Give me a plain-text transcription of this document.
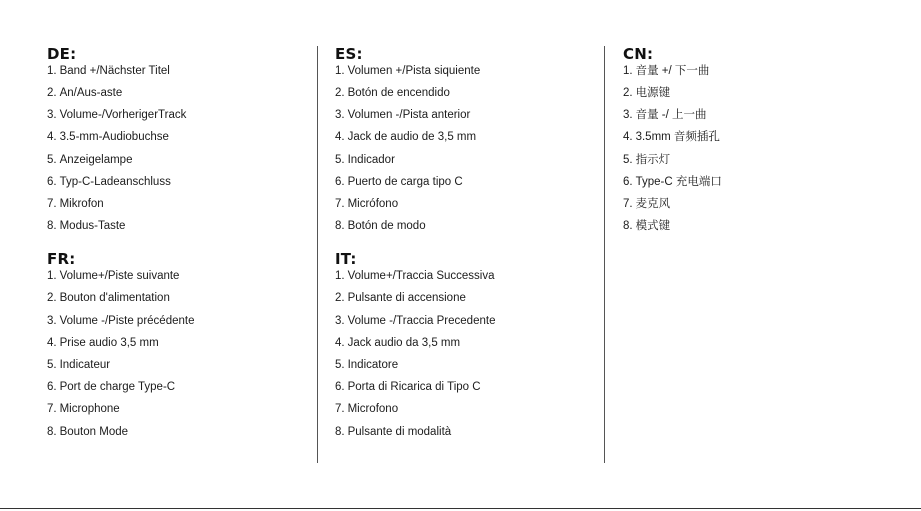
DE:
1. Band +/Nächster Titel
2. An/Aus-aste
3. Volume-/VorherigerTrack
4. 3.5-mm-Audiobuchse
5. Anzeigelampe
6. Typ-C-Ladeanschluss
7. Mikrofon
8. Modus-Taste
FR:
1. Volume+/Piste suivante
2. Bouton d'alimentation
3. Volume -/Piste précédente
4. Prise audio 3,5 mm
5. Indicateur
6. Port de charge Type-C
7. Microphone
8. Bouton Mode
ES:
1. Volumen +/Pista siquiente
2. Botón de encendido
3. Volumen -/Pista anterior
4. Jack de audio de 3,5 mm
5. Indicador
6. Puerto de carga tipo C
7. Micrófono
8. Botón de modo
IT:
1. Volume+/Traccia Successiva
2. Pulsante di accensione
3. Volume -/Traccia Precedente
4. Jack audio da 3,5 mm
5. Indicatore
6. Porta di Ricarica di Tipo C
7. Microfono
8. Pulsante di modalità
CN:
1. 音量 +/ 下一曲
2. 电源键
3. 音量 -/ 上一曲
4. 3.5mm 音频插孔
5. 指示灯
6. Type-C 充电端口
7. 麦克风
8. 模式键
